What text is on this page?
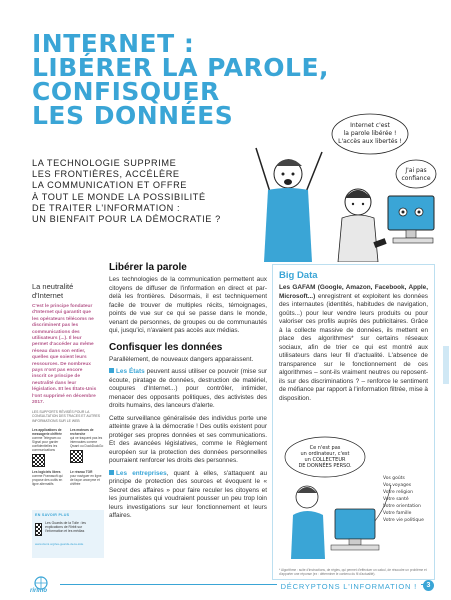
INTERNET :
LIBÉRER LA PAROLE,
CONFISQUER
LES DONNÉES
LA TECHNOLOGIE SUPPRIME
LES FRONTIÈRES, ACCÉLÈRE
LA COMMUNICATION ET OFFRE
À TOUT LE MONDE LA POSSIBILITÉ
DE TRAITER L'INFORMATION :
UN BIENFAIT POUR LA DÉMOCRATIE ?
Internet c'est
la parole libérée !
L'accès aux libertés !
J'ai pas
confiance
La neutralité d'Internet
C'est le principe fondateur d'Internet qui garantit que les opérateurs télécoms ne discriminent pas les communications des utilisateurs (...). Il leur permet d'accéder au même réseau dans son entier, quelles que soient leurs ressources. De nombreux pays n'ont pas encore inscrit ce principe de neutralité dans leur législation. Et les États-Unis l'ont supprimé en décembre 2017.
LES SUPPORTS RÉVISÉS POUR LA CONSULTATION DES TRACES ET AUTRES INFORMATIONS SUR LE WEB
Les applications de messagerie chiffrée
comme Telegram ou Signal pour garder confidentielles les communications
Les moteurs de recherche
qui ne traquent pas les internautes comme Qwant ou DuckDuckGo
Les logiciels libres
comme Framasoft qui propose des outils en ligne alternatifs
Le réseau TOR
pour naviguer en ligne de façon anonyme et chiffrée
EN SAVOIR PLUS
Les Guards de la Toile : les explications de Rirbit sur l'information et les médias
www.clemi.org/les-guards-de-la-toile
Libérer la parole

Les technologies de la communication permettent aux citoyens de diffuser de l'information en direct et par-delà les frontières. Désormais, il est techniquement facile de trouver de multiples récits, témoignages, points de vue sur ce qui se passe dans le monde, venant de personnes, de groupes ou de communautés qui, jusqu'ici, n'avaient pas accès aux médias.

Confisquer les données

Parallèlement, de nouveaux dangers apparaissent.

Les États peuvent aussi utiliser ce pouvoir (mise sur écoute, piratage de données, destruction de matériel, coupures d'Internet...) pour contrôler, intimider, menacer des opposants politiques, des activistes des droits humains, des lanceurs d'alerte.

Cette surveillance généralisée des individus porte une atteinte grave à la démocratie ! Des outils existent pour protéger ses propres données et ses communications. Et des avancées législatives, comme le Règlement européen sur la protection des données personnelles pourraient renforcer les droits des personnes.

Les entreprises, quant à elles, s'attaquent au principe de protection des sources et évoquent le « Secret des affaires » pour faire reculer les citoyens et les journalistes qui voudraient pousser un peu trop loin leurs investigations sur leur fonctionnement et leurs affaires.

Big Data

Les GAFAM (Google, Amazon, Facebook, Apple, Microsoft...) enregistrent et exploitent les données des internautes (identités, habitudes de navigation, goûts...) pour leur vendre leurs produits ou pour valoriser ces profils auprès des publicitaires. Grâce à la collecte massive de données, ils mettent en place des algorithmes* sur certains réseaux sociaux, afin de trier ce qui est montré aux utilisateurs dans leur fil d'actualité. L'absence de transparence sur le fonctionnement de ces algorithmes – sont-ils vraiment neutres ou reposent-ils sur des discriminations ? – renforce le sentiment de méfiance par rapport à l'information filtrée, mise à disposition.

Ce n'est pas
un ordinateur, c'est
un COLLECTEUR
DE DONNÉES PERSO.
Vos goûts
Vos voyages
Votre religion
Votre santé
Votre orientation
Votre famille
Votre vie politique
* Algorithme : suite d'instructions, de règles, qui permet d'effectuer un calcul, de résoudre un problème et d'apporter une réponse (ex : déterminer le contenu du fil d'actualité).
ririmo	DÉCRYPTONS L'INFORMATION !	3
